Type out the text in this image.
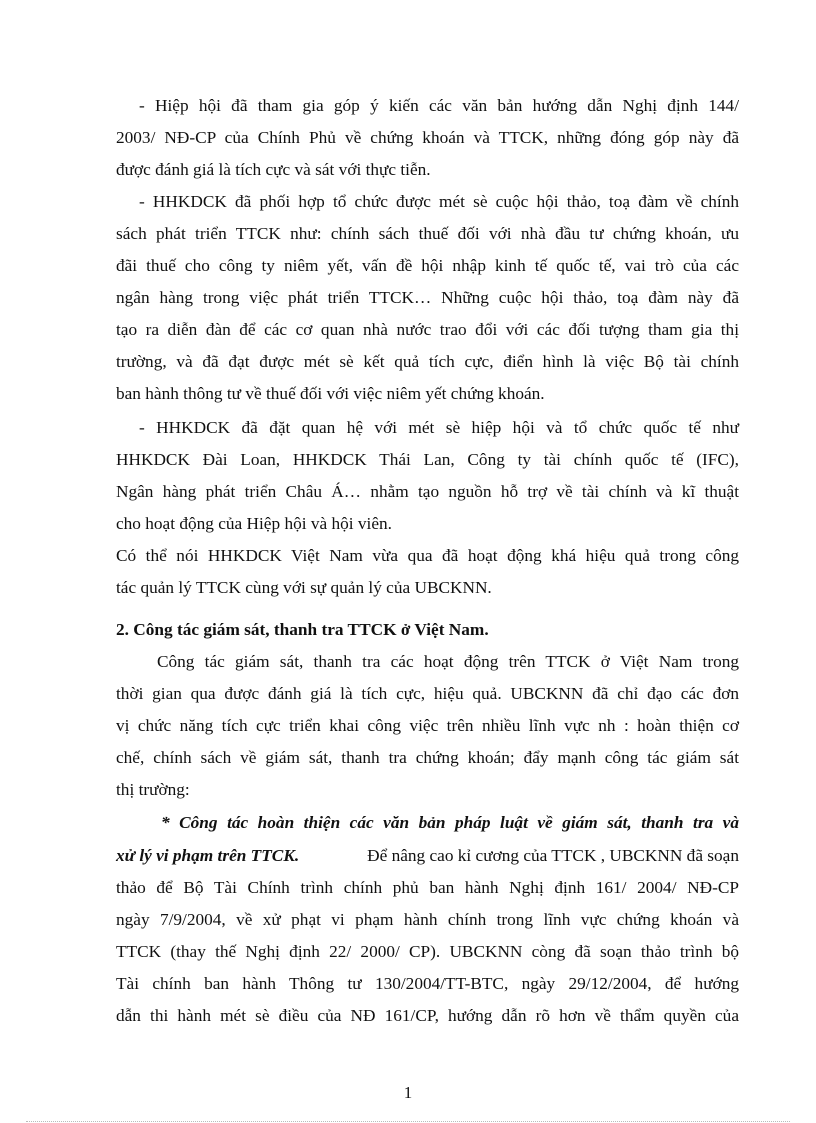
- Hiệp hội đã tham gia góp ý kiến các văn bản hướng dẫn Nghị định 144/
2003/ NĐ-CP của Chính Phủ về chứng khoán và TTCK, những đóng góp này đã
được đánh giá là tích cực và sát với thực tiễn.
- HHKDCK đã phối hợp tổ chức được mét sè cuộc hội thảo, toạ đàm về chính
sách phát triển TTCK như: chính sách thuế đối với nhà đầu tư chứng khoán, ưu
đãi thuế cho công ty niêm yết, vấn đề hội nhập kinh tế quốc tế, vai trò của các
ngân hàng trong việc phát triển TTCK… Những cuộc hội thảo, toạ đàm này đã
tạo ra diễn đàn để các cơ quan nhà nước trao đổi với các đối tượng tham gia thị
trường, và đã đạt được mét sè kết quả tích cực, điển hình là việc Bộ tài chính
ban hành thông tư về thuế đối với việc niêm yết chứng khoán.
- HHKDCK đã đặt quan hệ với mét sè hiệp hội và tổ chức quốc tế như
HHKDCK Đài Loan, HHKDCK Thái Lan, Công ty tài chính quốc tế (IFC),
Ngân hàng phát triển Châu Á… nhằm tạo nguồn hỗ trợ về tài chính và kĩ thuật
cho hoạt động của Hiệp hội và hội viên.
Có thể nói HHKDCK Việt Nam vừa qua đã hoạt động khá hiệu quả trong công
tác quản lý TTCK cùng với sự quản lý của UBCKNN.
2. Công tác giám sát, thanh tra TTCK ở Việt Nam.
Công tác giám sát, thanh tra các hoạt động trên TTCK ở Việt Nam trong
thời gian qua được đánh giá là tích cực, hiệu quả. UBCKNN đã chỉ đạo các đơn
vị chức năng tích cực triển khai công việc trên nhiều lĩnh vực nh : hoàn thiện cơ
chế, chính sách về giám sát, thanh tra chứng khoán; đẩy mạnh công tác giám sát
thị trường:
* Công tác hoàn thiện các văn bản pháp luật về giám sát, thanh tra và
xử lý vi phạm trên TTCK.	Để nâng cao kỉ cương của TTCK , UBCKNN đã soạn
thảo để Bộ Tài Chính trình chính phủ ban hành Nghị định 161/ 2004/ NĐ-CP
ngày 7/9/2004, về xử phạt vi phạm hành chính trong lĩnh vực chứng khoán và
TTCK (thay thế Nghị định 22/ 2000/ CP). UBCKNN còng đã soạn thảo trình bộ
Tài chính ban hành Thông tư 130/2004/TT-BTC, ngày 29/12/2004, để hướng
dẫn thi hành mét sè điều của NĐ 161/CP, hướng dẫn rõ hơn về thẩm quyền của
1
